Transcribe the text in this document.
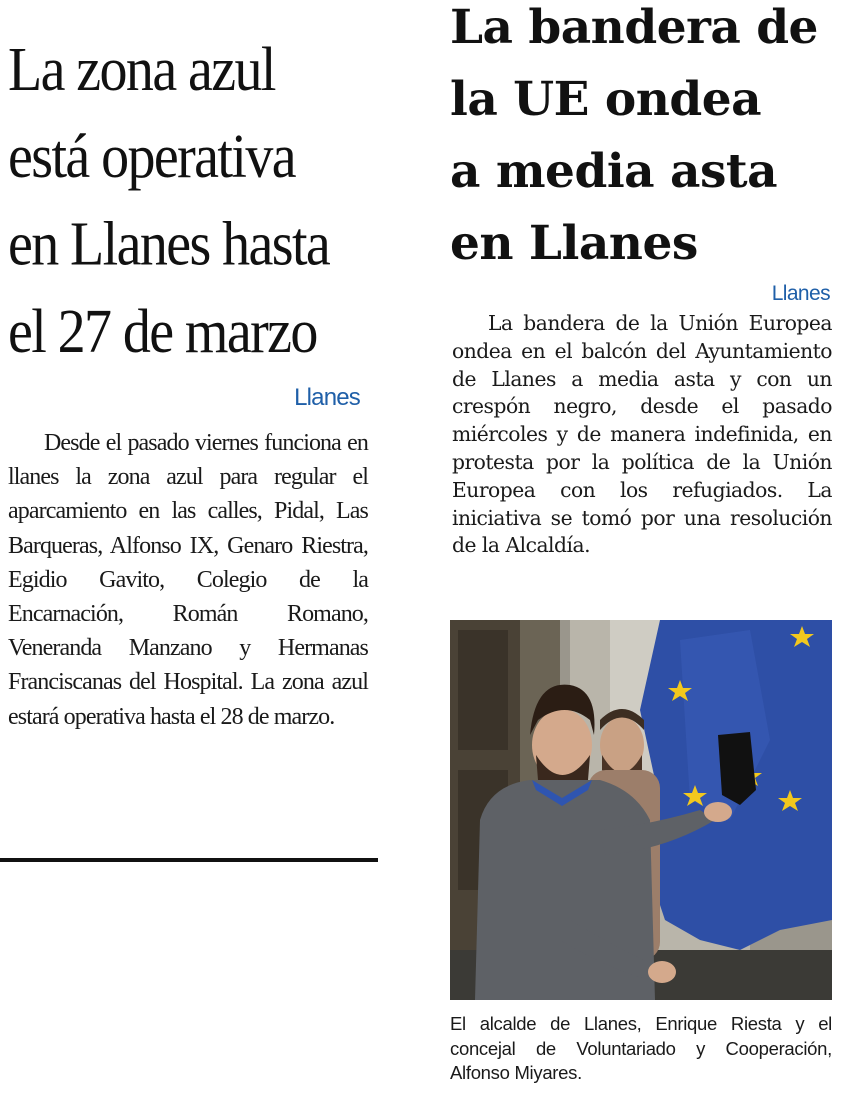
La zona azul
está operativa
en Llanes hasta
el 27 de marzo
Llanes

Desde el pasado viernes funciona en llanes la zona azul para regular el aparcamiento en las calles, Pidal, Las Barqueras, Alfonso IX, Genaro Riestra, Egidio Gavito, Colegio de la Encarnación, Román Romano, Veneranda Manzano y Hermanas Franciscanas del Hospital. La zona azul estará operativa hasta el 28 de marzo.

La bandera de
la UE ondea
a media asta
en Llanes
Llanes

La bandera de la Unión Europea ondea en el balcón del Ayuntamiento de Llanes a media asta y con un crespón negro, desde el pasado miércoles y de manera indefinida, en protesta por la política de la Unión Europea con los refugiados. La iniciativa se tomó por una resolución de la Alcaldía.

El alcalde de Llanes, Enrique Riesta y el concejal de Voluntariado y Cooperación, Alfonso Miyares.
